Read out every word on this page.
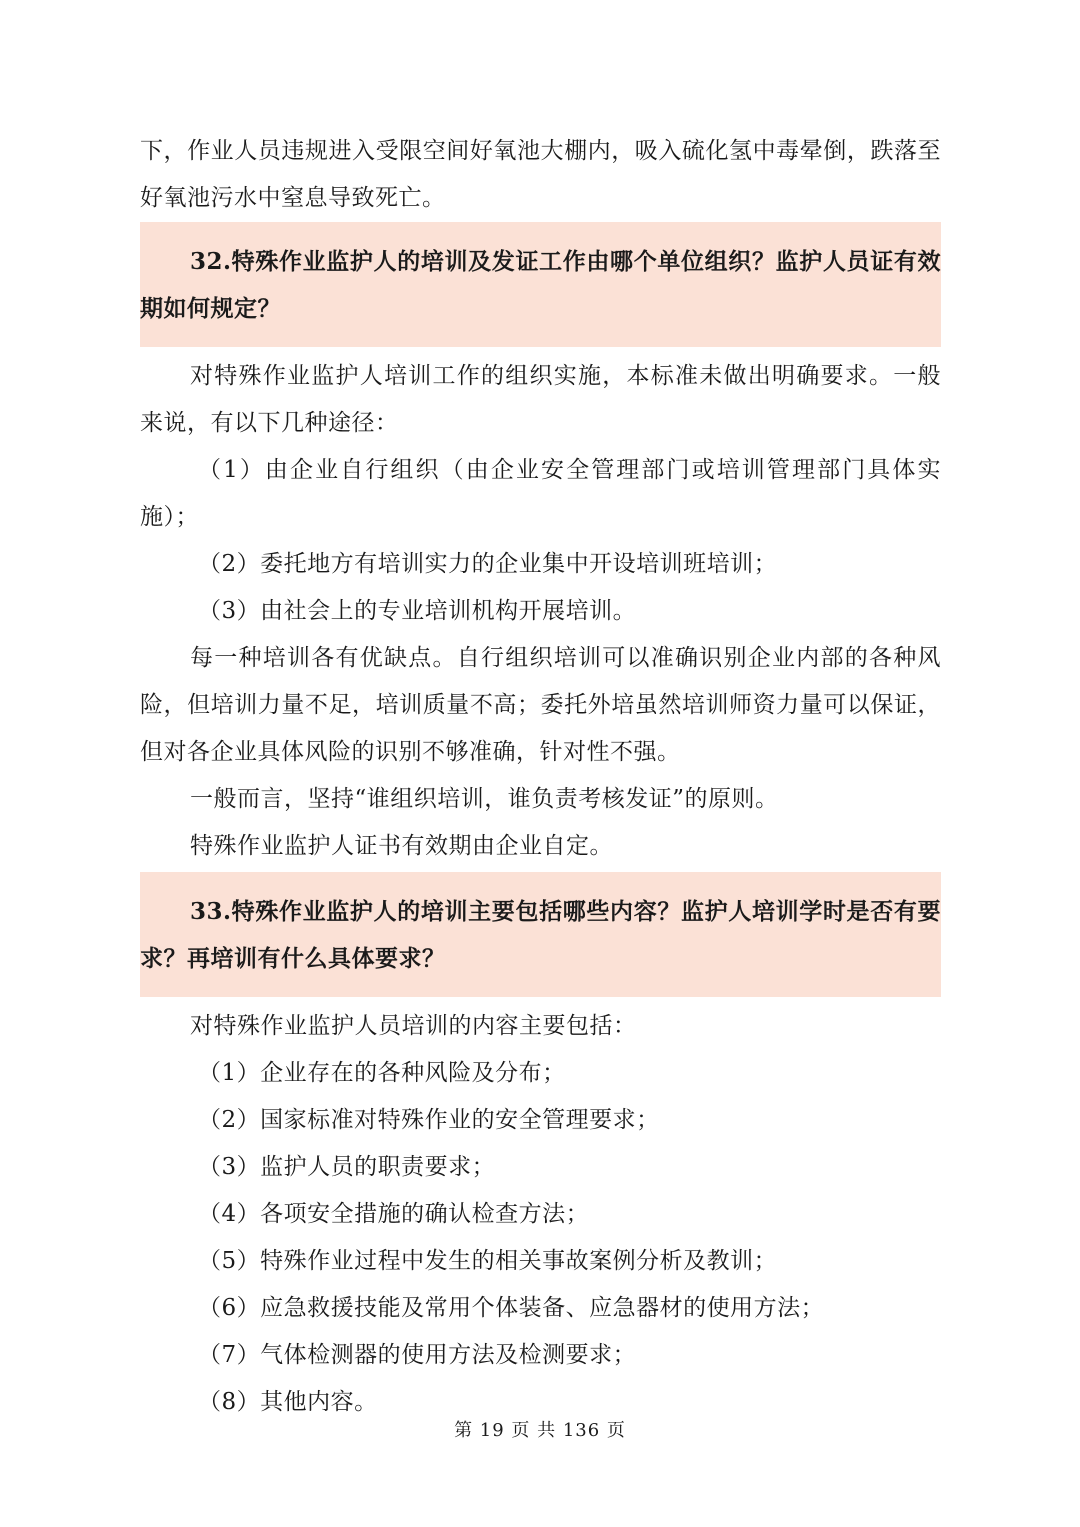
下，作业人员违规进入受限空间好氧池大棚内，吸入硫化氢中毒晕倒，跌落至好氧池污水中窒息导致死亡。

32.特殊作业监护人的培训及发证工作由哪个单位组织？监护人员证有效期如何规定？

对特殊作业监护人培训工作的组织实施，本标准未做出明确要求。一般来说，有以下几种途径：

（1）由企业自行组织（由企业安全管理部门或培训管理部门具体实施）；

（2）委托地方有培训实力的企业集中开设培训班培训；

（3）由社会上的专业培训机构开展培训。

每一种培训各有优缺点。自行组织培训可以准确识别企业内部的各种风险，但培训力量不足，培训质量不高；委托外培虽然培训师资力量可以保证，但对各企业具体风险的识别不够准确，针对性不强。

一般而言，坚持“谁组织培训，谁负责考核发证”的原则。

特殊作业监护人证书有效期由企业自定。

33.特殊作业监护人的培训主要包括哪些内容？监护人培训学时是否有要求？再培训有什么具体要求？

对特殊作业监护人员培训的内容主要包括：

（1）企业存在的各种风险及分布；

（2）国家标准对特殊作业的安全管理要求；

（3）监护人员的职责要求；

（4）各项安全措施的确认检查方法；

（5）特殊作业过程中发生的相关事故案例分析及教训；

（6）应急救援技能及常用个体装备、应急器材的使用方法；

（7）气体检测器的使用方法及检测要求；

（8）其他内容。

第 19 页 共 136 页
